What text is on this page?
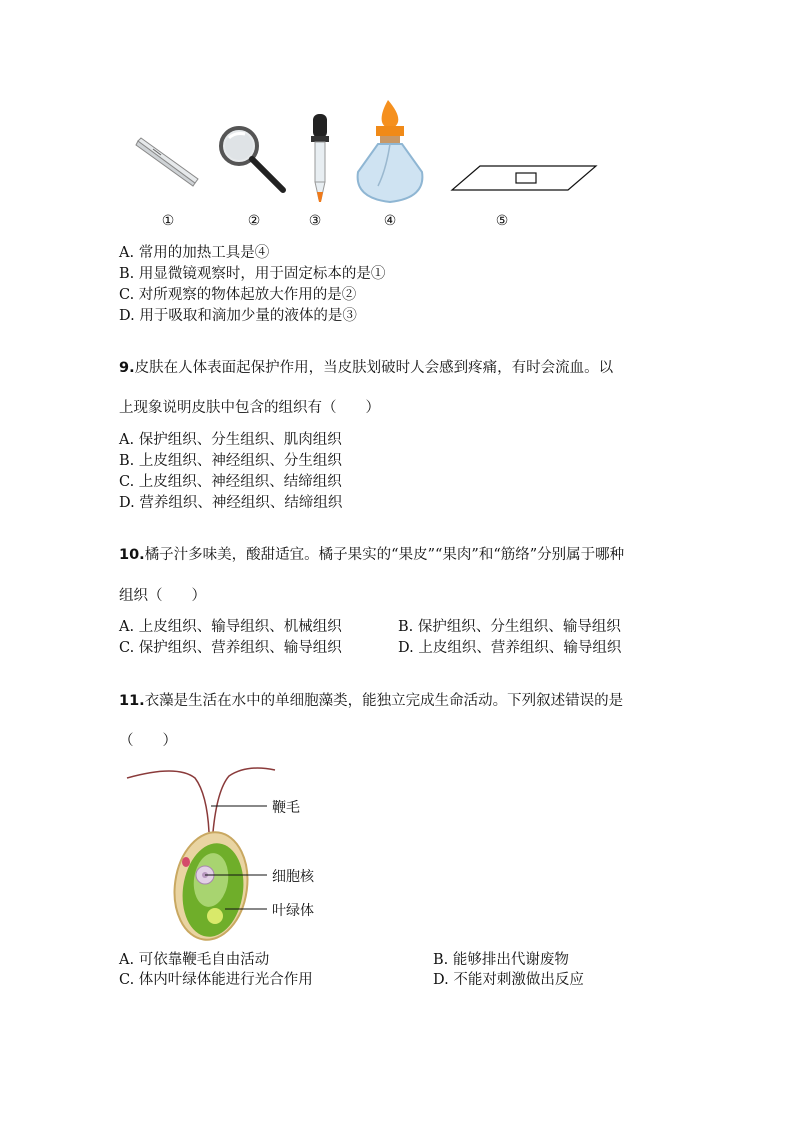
①	②	③	④	⑤
A. 常用的加热工具是④
B. 用显微镜观察时，用于固定标本的是①
C. 对所观察的物体起放大作用的是②
D. 用于吸取和滴加少量的液体的是③
9.皮肤在人体表面起保护作用，当皮肤划破时人会感到疼痛，有时会流血。以
上现象说明皮肤中包含的组织有（　　）
A. 保护组织、分生组织、肌肉组织
B. 上皮组织、神经组织、分生组织
C. 上皮组织、神经组织、结缔组织
D. 营养组织、神经组织、结缔组织
10.橘子汁多味美，酸甜适宜。橘子果实的“果皮”“果肉”和“筋络”分别属于哪种
组织（　　）
A. 上皮组织、输导组织、机械组织	B. 保护组织、分生组织、输导组织
C. 保护组织、营养组织、输导组织	D. 上皮组织、营养组织、输导组织
11.衣藻是生活在水中的单细胞藻类，能独立完成生命活动。下列叙述错误的是
（　　）
鞭毛
细胞核
叶绿体
A. 可依靠鞭毛自由活动	B. 能够排出代谢废物
C. 体内叶绿体能进行光合作用	D. 不能对刺激做出反应
